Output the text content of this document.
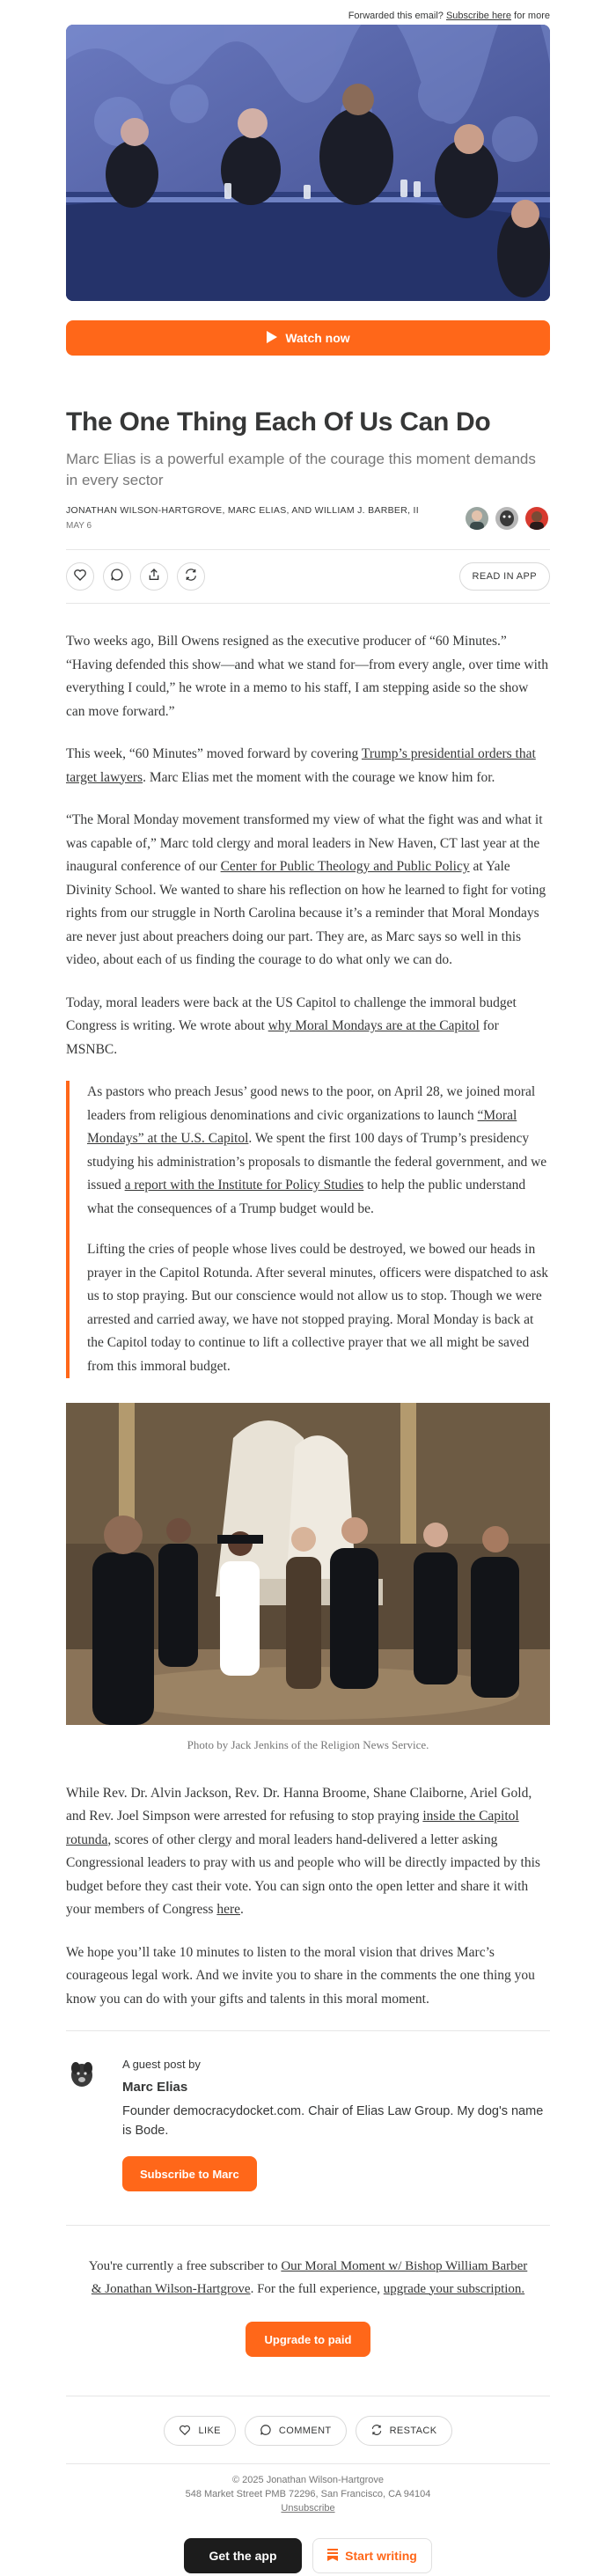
Forwarded this email? Subscribe here for more
Watch now
The One Thing Each Of Us Can Do
Marc Elias is a powerful example of the courage this moment demands in every sector
JONATHAN WILSON-HARTGROVE, MARC ELIAS, AND WILLIAM J. BARBER, II
MAY 6
READ IN APP

Two weeks ago, Bill Owens resigned as the executive producer of “60 Minutes.” “Having defended this show—and what we stand for—from every angle, over time with everything I could,” he wrote in a memo to his staff, I am stepping aside so the show can move forward.”

This week, “60 Minutes” moved forward by covering Trump’s presidential orders that target lawyers. Marc Elias met the moment with the courage we know him for.

“The Moral Monday movement transformed my view of what the fight was and what it was capable of,” Marc told clergy and moral leaders in New Haven, CT last year at the inaugural conference of our Center for Public Theology and Public Policy at Yale Divinity School. We wanted to share his reflection on how he learned to fight for voting rights from our struggle in North Carolina because it’s a reminder that Moral Mondays are never just about preachers doing our part. They are, as Marc says so well in this video, about each of us finding the courage to do what only we can do.

Today, moral leaders were back at the US Capitol to challenge the immoral budget Congress is writing. We wrote about why Moral Mondays are at the Capitol for MSNBC.

As pastors who preach Jesus’ good news to the poor, on April 28, we joined moral leaders from religious denominations and civic organizations to launch “Moral Mondays” at the U.S. Capitol. We spent the first 100 days of Trump’s presidency studying his administration’s proposals to dismantle the federal government, and we issued a report with the Institute for Policy Studies to help the public understand what the consequences of a Trump budget would be.

Lifting the cries of people whose lives could be destroyed, we bowed our heads in prayer in the Capitol Rotunda. After several minutes, officers were dispatched to ask us to stop praying. But our conscience would not allow us to stop. Though we were arrested and carried away, we have not stopped praying. Moral Monday is back at the Capitol today to continue to lift a collective prayer that we all might be saved from this immoral budget.

Photo by Jack Jenkins of the Religion News Service.

While Rev. Dr. Alvin Jackson, Rev. Dr. Hanna Broome, Shane Claiborne, Ariel Gold, and Rev. Joel Simpson were arrested for refusing to stop praying inside the Capitol rotunda, scores of other clergy and moral leaders hand-delivered a letter asking Congressional leaders to pray with us and people who will be directly impacted by this budget before they cast their vote. You can sign onto the open letter and share it with your members of Congress here.

We hope you’ll take 10 minutes to listen to the moral vision that drives Marc’s courageous legal work. And we invite you to share in the comments the one thing you know you can do with your gifts and talents in this moral moment.

A guest post by
Marc Elias
Founder democracydocket.com. Chair of Elias Law Group. My dog's name is Bode.
Subscribe to Marc
You're currently a free subscriber to Our Moral Moment w/ Bishop William Barber & Jonathan Wilson-Hartgrove. For the full experience, upgrade your subscription.
Upgrade to paid
LIKE	COMMENT	RESTACK
© 2025 Jonathan Wilson-Hartgrove
548 Market Street PMB 72296, San Francisco, CA 94104
Unsubscribe
Get the app	Start writing
